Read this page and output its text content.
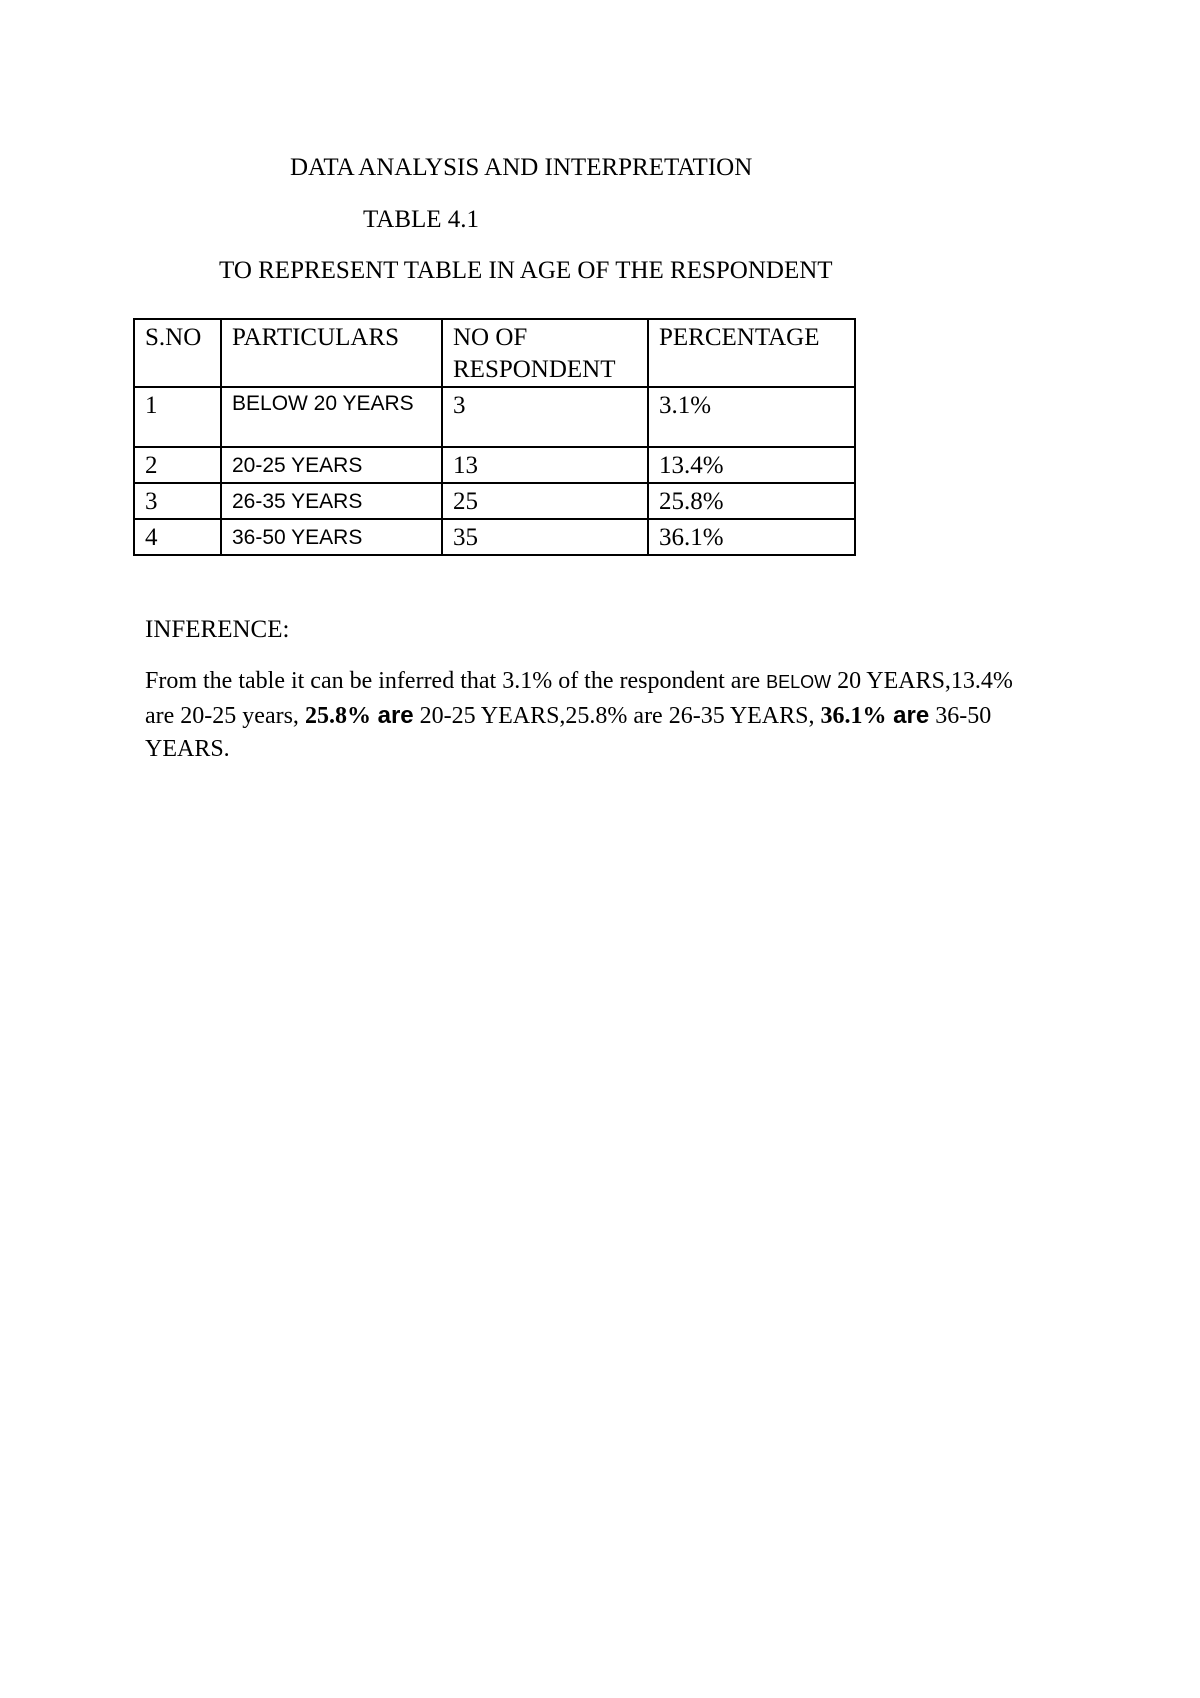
DATA ANALYSIS AND INTERPRETATION
TABLE 4.1
TO REPRESENT TABLE IN AGE OF THE RESPONDENT
S.NO	PARTICULARS	NO OF RESPONDENT	PERCENTAGE
1	BELOW 20 YEARS	3	3.1%
2	20-25 YEARS	13	13.4%
3	26-35 YEARS	25	25.8%
4	36-50 YEARS	35	36.1%
INFERENCE:
From the table it can be inferred that 3.1% of the respondent are BELOW 20 YEARS,13.4% are 20-25 years, 25.8% are 20-25 YEARS,25.8% are 26-35 YEARS, 36.1% are 36-50 YEARS.
